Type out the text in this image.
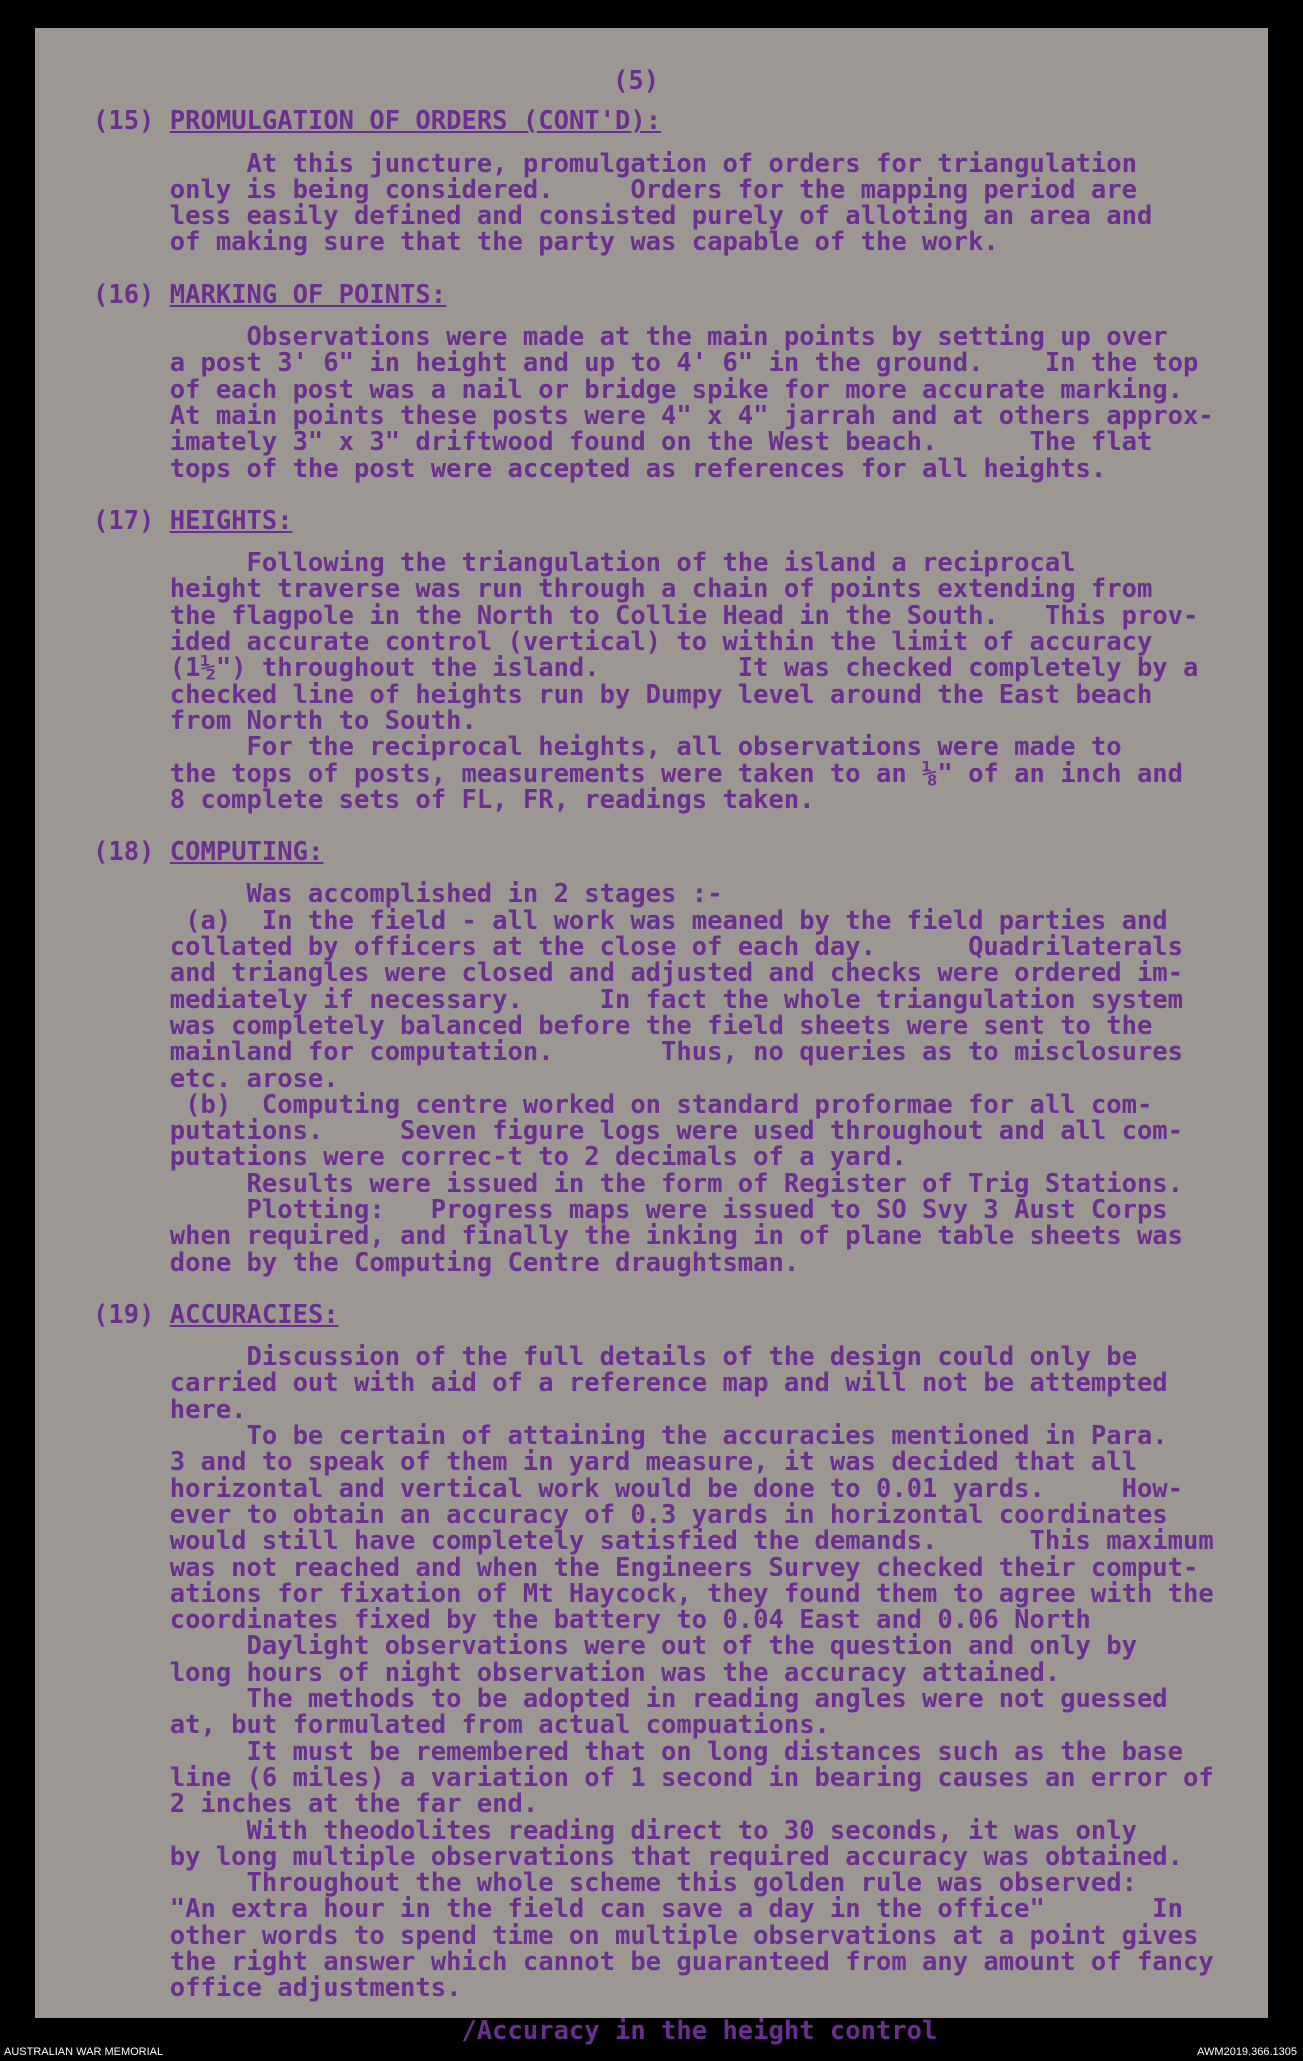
(5)
(15) PROMULGATION OF ORDERS (CONT'D):
At this juncture, promulgation of orders for triangulation
only is being considered.     Orders for the mapping period are
less easily defined and consisted purely of alloting an area and
of making sure that the party was capable of the work.
(16) MARKING OF POINTS:
Observations were made at the main points by setting up over
a post 3' 6" in height and up to 4' 6" in the ground.    In the top
of each post was a nail or bridge spike for more accurate marking.
At main points these posts were 4" x 4" jarrah and at others approx-
imately 3" x 3" driftwood found on the West beach.      The flat
tops of the post were accepted as references for all heights.
(17) HEIGHTS:
Following the triangulation of the island a reciprocal
height traverse was run through a chain of points extending from
the flagpole in the North to Collie Head in the South.   This prov-
ided accurate control (vertical) to within the limit of accuracy
(1½") throughout the island.         It was checked completely by a
checked line of heights run by Dumpy level around the East beach
from North to South.
For the reciprocal heights, all observations were made to
the tops of posts, measurements were taken to an ⅛" of an inch and
8 complete sets of FL, FR, readings taken.
(18) COMPUTING:
Was accomplished in 2 stages :-
(a)  In the field - all work was meaned by the field parties and
collated by officers at the close of each day.      Quadrilaterals
and triangles were closed and adjusted and checks were ordered im-
mediately if necessary.     In fact the whole triangulation system
was completely balanced before the field sheets were sent to the
mainland for computation.       Thus, no queries as to misclosures
etc. arose.
(b)  Computing centre worked on standard proformae for all com-
putations.     Seven figure logs were used throughout and all com-
putations were correc-t to 2 decimals of a yard.
Results were issued in the form of Register of Trig Stations.
Plotting:   Progress maps were issued to SO Svy 3 Aust Corps
when required, and finally the inking in of plane table sheets was
done by the Computing Centre draughtsman.
(19) ACCURACIES:
Discussion of the full details of the design could only be
carried out with aid of a reference map and will not be attempted
here.
To be certain of attaining the accuracies mentioned in Para.
3 and to speak of them in yard measure, it was decided that all
horizontal and vertical work would be done to 0.01 yards.     How-
ever to obtain an accuracy of 0.3 yards in horizontal coordinates
would still have completely satisfied the demands.      This maximum
was not reached and when the Engineers Survey checked their comput-
ations for fixation of Mt Haycock, they found them to agree with the
coordinates fixed by the battery to 0.04 East and 0.06 North
Daylight observations were out of the question and only by
long hours of night observation was the accuracy attained.
The methods to be adopted in reading angles were not guessed
at, but formulated from actual compuations.
It must be remembered that on long distances such as the base
line (6 miles) a variation of 1 second in bearing causes an error of
2 inches at the far end.
With theodolites reading direct to 30 seconds, it was only
by long multiple observations that required accuracy was obtained.
Throughout the whole scheme this golden rule was observed:
"An extra hour in the field can save a day in the office"       In
other words to spend time on multiple observations at a point gives
the right answer which cannot be guaranteed from any amount of fancy
office adjustments.
/Accuracy in the height control
AUSTRALIAN WAR MEMORIAL	AWM2019.366.1305
